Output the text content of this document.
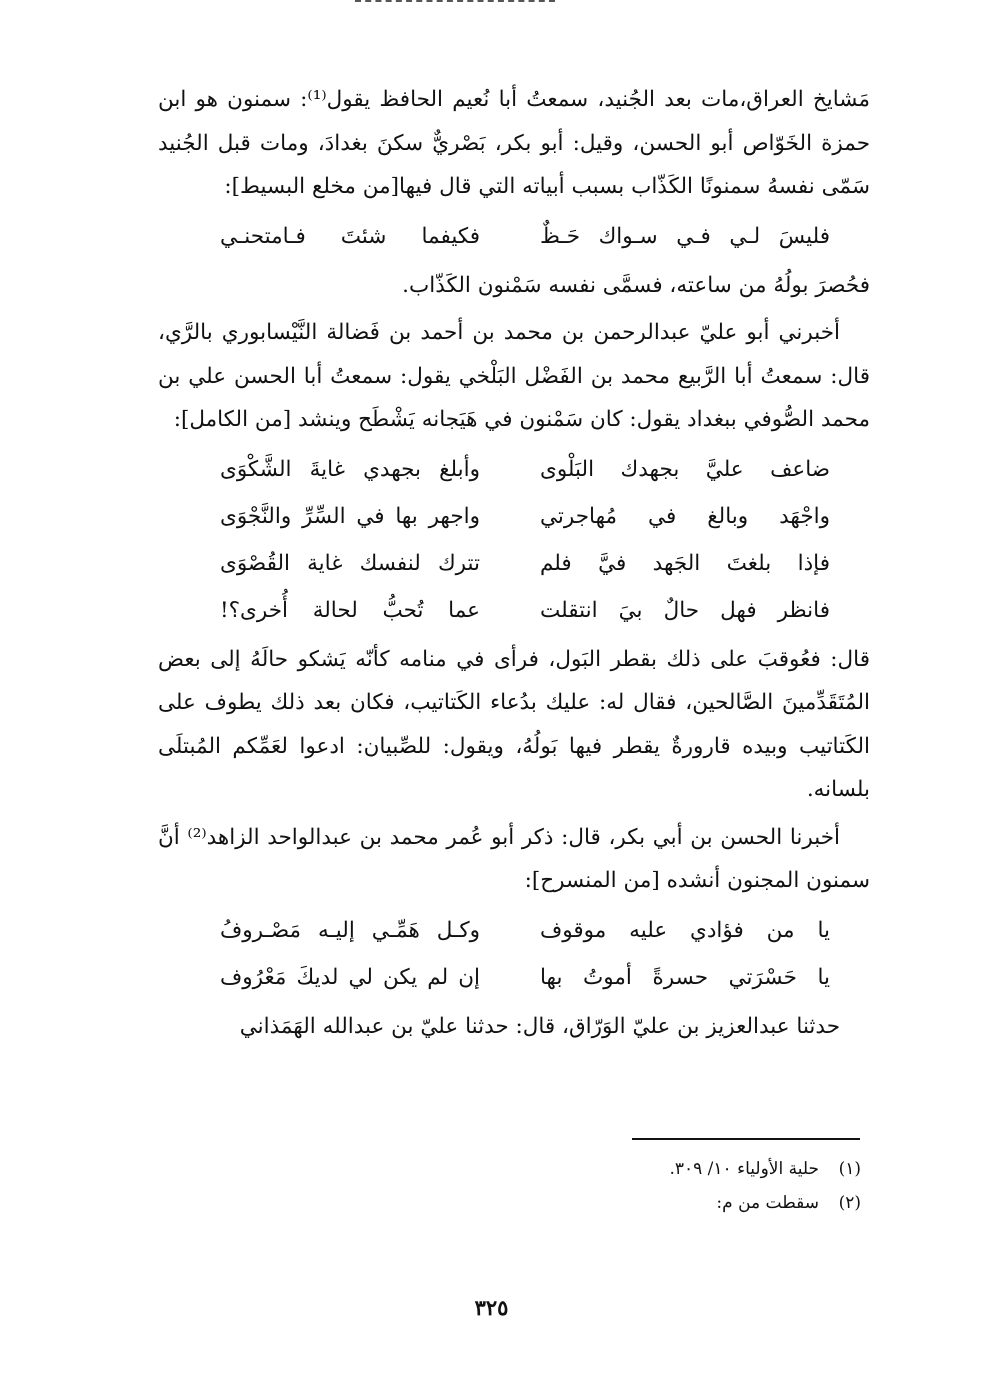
مَشايخ العراق،مات بعد الجُنيد، سمعتُ أبا نُعيم الحافظ يقول⁽¹⁾: سمنون هو ابن حمزة الخَوّاص أبو الحسن، وقيل: أبو بكر، بَصْريٌّ سكنَ بغدادَ، ومات قبل الجُنيد سَمّى نفسهُ سمنونًا الكَذّاب بسبب أبياته التي قال فيها[من مخلع البسيط]:

فليسَ لـي فـي سـواك حَـظٌ
فكيفما شئتَ فـامتحنـي

فحُصرَ بولُهُ من ساعته، فسمَّى نفسه سَمْنون الكَذّاب.

أخبرني أبو عليّ عبدالرحمن بن محمد بن أحمد بن فَضالة النَّيْسابوري بالرَّي، قال: سمعتُ أبا الرَّبيع محمد بن الفَضْل البَلْخي يقول: سمعتُ أبا الحسن علي بن محمد الصُّوفي ببغداد يقول: كان سَمْنون في هَيَجانه يَشْطَح وينشد [من الكامل]:

ضاعف عليَّ بجهدك البَلْوى
وأبلغ بجهدي غايةَ الشَّكْوَى
واجْهَد وبالغ في مُهاجرتي
واجهر بها في السِّرِّ والنَّجْوَى
فإذا بلغتَ الجَهد فيَّ فلم
تترك لنفسك غاية القُصْوَى
فانظر فهل حالٌ بيَ انتقلت
عما تُحبُّ لحالة أُخرى؟!

قال: فعُوقبَ على ذلك بقطر البَول، فرأى في منامه كأنّه يَشكو حالَهُ إلى بعض المُتَقَدِّمينَ الصَّالحين، فقال له: عليك بدُعاء الكَتاتيب، فكان بعد ذلك يطوف على الكَتاتيب وبيده قارورةٌ يقطر فيها بَولُهُ، ويقول: للصِّبيان: ادعوا لعَمِّكم المُبتلَى بلسانه.

أخبرنا الحسن بن أبي بكر، قال: ذكر أبو عُمر محمد بن عبدالواحد الزاهد⁽²⁾ أنَّ سمنون المجنون أنشده [من المنسرح]:

يا من فؤادي عليه موقوف
وكـل هَمِّـي إليـه مَصْـروفُ
يا حَسْرَتي حسرةً أموتُ بها
إن لم يكن لي لديكَ مَعْرُوف

حدثنا عبدالعزيز بن عليّ الوَرّاق، قال: حدثنا عليّ بن عبدالله الهَمَذاني

(١)
حلية الأولياء ١٠/ ٣٠٩.
(٢)
سقطت من م:
٣٢٥
